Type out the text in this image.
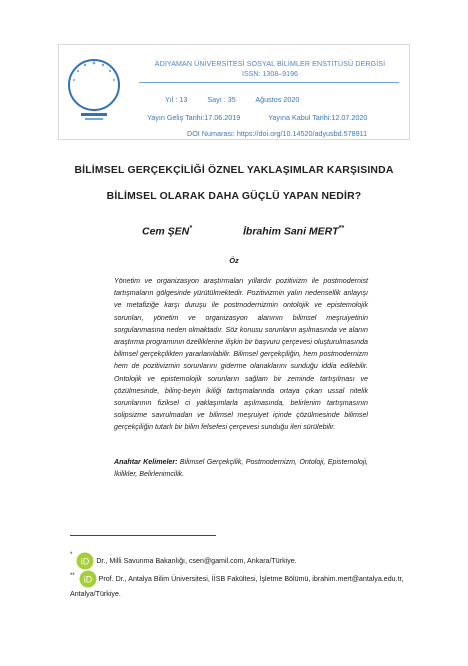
ADIYAMAN ÜNİVERSİTESİ SOSYAL BİLİMLER ENSTİTÜSÜ DERGİSİ
ISSN: 1308–9196
Yıl : 13	Sayı : 35	Ağustos 2020
Yayın Geliş Tarihi:17.06.2019	Yayına Kabul Tarihi:12.07.2020
DOI Numarası: https://doi.org/10.14520/adyusbd.578911
BİLİMSEL GERÇEKÇİLİĞİ ÖZNEL YAKLAŞIMLAR KARŞISINDA
BİLİMSEL OLARAK DAHA GÜÇLÜ YAPAN NEDİR?
Cem ŞEN*	İbrahim Sani MERT**
Öz
Yönetim ve organizasyon araştırmaları yıllardır pozitivizm ile postmodernist tartışmaların gölgesinde yürütülmektedir. Pozitivizmin yalın nedensellik anlayışı ve metafiziğe karşı duruşu ile postmodernizmin ontolojik ve epistemolojik sorunları, yönetim ve organizasyon alanının bilimsel meşruiyetinin sorgulanmasına neden olmaktadır. Söz konusu sorunların aşılmasında ve alanın araştırma programının özelliklerine ilişkin bir başvuru çerçevesi oluşturulmasında bilimsel gerçekçilikten yararlanılabilir. Bilimsel gerçekçiliğin, hem postmodernizm hem de pozitivizmin sorunlarını giderme olanaklarını sunduğu iddia edilebilir. Ontolojik ve epistemolojik sorunların sağlam bir zeminde tartışılması ve çözülmesinde, bilinç-beyin ikiliği tartışmalarında ortaya çıkan ussal nitelik sorunlarının fiziksel ci yaklaşımlarla aşılmasında, belirlenim tartışmasının solipsizme savrulmadan ve bilimsel meşruiyet içinde çözülmesinde bilimsel gerçekçiliğin tutarlı bir bilim felsefesi çerçevesi sunduğu ileri sürülebilir.
Anahtar Kelimeler: Bilimsel Gerçekçilik, Postmodernizm, Ontoloji, Epistemoloji, İkilikler, Belirlenimcilik.
*
iD Dr., Milli Savunma Bakanlığı, csen@gamil.com, Ankara/Türkiye.
** iD Prof. Dr., Antalya Bilim Üniversitesi, İİSB Fakültesi, İşletme Bölümü, ibrahim.mert@antalya.edu.tr, Antalya/Türkiye.
